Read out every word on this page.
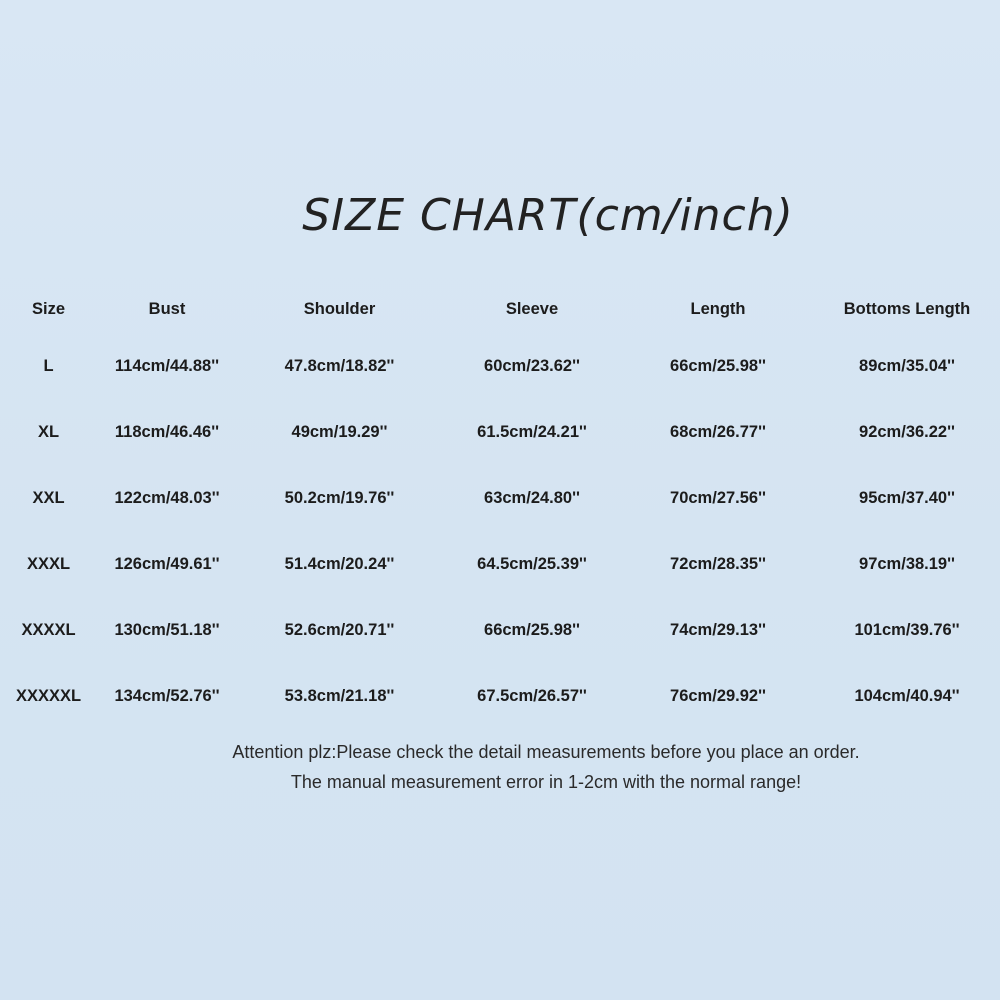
SIZE CHART(cm/inch)
Size	Bust	Shoulder	Sleeve	Length	Bottoms Length
L	114cm/44.88''	47.8cm/18.82''	60cm/23.62''	66cm/25.98''	89cm/35.04''
XL	118cm/46.46''	49cm/19.29''	61.5cm/24.21''	68cm/26.77''	92cm/36.22''
XXL	122cm/48.03''	50.2cm/19.76''	63cm/24.80''	70cm/27.56''	95cm/37.40''
XXXL	126cm/49.61''	51.4cm/20.24''	64.5cm/25.39''	72cm/28.35''	97cm/38.19''
XXXXL	130cm/51.18''	52.6cm/20.71''	66cm/25.98''	74cm/29.13''	101cm/39.76''
XXXXXL	134cm/52.76''	53.8cm/21.18''	67.5cm/26.57''	76cm/29.92''	104cm/40.94''
Attention plz:Please check the detail measurements before you place an order.
The manual measurement error in 1-2cm with the normal range!
